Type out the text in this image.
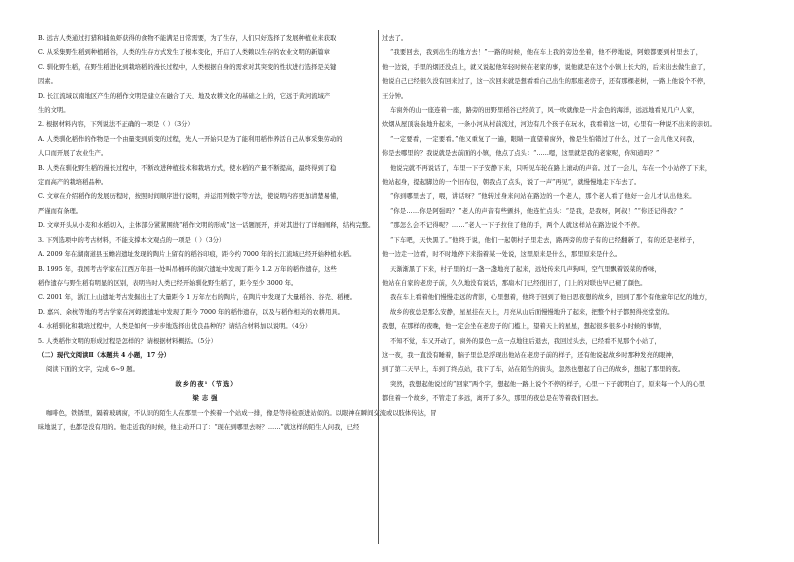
B. 远古人类通过打猎和捕鱼虾获得的食物不能满足日常需要，为了生存，人们只好选择了发展种植业来获取
C. 从采集野生稻到种植稻谷，人类的生存方式发生了根本变化，开启了人类赖以生存的农业文明的新篇章
C. 驯化野生稻，在野生稻进化到栽培稻的漫长过程中，人类根据自身的需求对其突变的性状进行选择是关键
因素。
D. 长江流域以南地区产生的稻作文明是建立在融合了天、地及农耕文化的基础之上的，它远于黄河流域产
生的文明。
2. 根据材料内容，下列说法不正确的一项是（ ）（3分）
A. 人类驯化稻作的作物是一个由量变到质变的过程，先人一开始只是为了能利用稻作养活自己从事采集劳动的
人口而开展了农业生产。
B. 人类在驯化野生稻的漫长过程中，不断改进种植技术和栽培方式，使水稻的产量不断提高，最终得到了稳
定而高产的栽培稻品种。
C. 文章在介绍稻作的发展历程时，按照时间顺序进行说明，并运用列数字等方法，使说明内容更加清楚易懂，
严谨而有条理。
D. 文章开头从小麦和水稻切入，主体部分紧紧围绕“稻作文明的形成”这一话题展开，并对其进行了详细阐释，结构完整。
3. 下列选项中的考古材料，不能支撑本文观点的一项是（ ）（3分）
A. 2009 年在湖南道县玉蟾岩遗址发现的陶片上留有的稻谷印痕，距今约 7000 年的长江流域已经开始种植水稻。
B. 1995 年，我国考古学家在江西万年县一处叫吊桶环的洞穴遗址中发现了距今 1.2 万年的稻作遗存，这些
稻作遗存与野生稻有明显的区别，表明当时人类已经开始驯化野生稻了，距今至少 3000 年。
C. 2001 年，浙江上山遗址考古发掘出土了大量距今 1 万年左右的陶片，在陶片中发现了大量稻谷、谷壳、稻梗。
D. 嘉兴、余杭等地的考古学家在河姆渡遗址中发现了距今 7000 年的稻作遗存，以及与稻作相关的农耕用具。
4. 水稻驯化和栽培过程中，人类是如何一步步地选择出优良品种的？请结合材料加以说明。（4分）
5. 人类稻作文明的形成过程是怎样的？请根据材料概括。（5分）
（二）现代文阅读Ⅱ（本题共 4 小题，17 分）
阅读下面的文字，完成 6~9 题。
故乡的夜¹（节选）
梁志强
咖啡色，铁锈里，隔着玻璃窗，不认识的陌生人在那里一个挨着一个站成一排，像是等待检票进站似的。以眼神在瞬间交流或以肢体传达，冒
昧地说了，也都是没有用的。他走近我的时候，他主动开口了：“现在到哪里去呀？……”就这样的陌生人问我，已经
过去了。
“我要回去，我到出生的地方去！”一路的时候，他在车上我的旁边坐着，他不停地说，阿娘都要到村里去了，
他一边说，手里的烟还没点上，就又说起他年轻时候在老家的事，说他就是在这个小镇上长大的，后来出去做生意了，
他说自己已经很久没有回来过了，这一次回来就是想看看自己出生的那座老房子，还有那棵老树，一路上他说个不停，
王分钟。
车窗外的山一座连着一座，路旁的田野里稻谷已经黄了，风一吹就像是一片金色的海洋，远远地看见几户人家，
炊烟从屋顶袅袅地升起来，一条小河从村前流过，河边有几个孩子在玩水，我看着这一切，心里有一种说不出来的亲切。
“一定要看，一定要看。”他又重复了一遍，眼睛一直望着窗外，像是生怕错过了什么，过了一会儿他又问我，
你是去哪里的？我说就是去前面的小镇，他点了点头：“……嗯，这里就是我的老家呢，你知道吗？”
他说完就不再说话了，车里一下子安静下来，只听见车轮在路上滚动的声音。过了一会儿，车在一个小站停了下来，
他站起身，提起脚边的一个旧布包，朝我点了点头，说了一声“再见”，就慢慢地走下车去了。
“你到哪里去了，喂，讲话呀？”他转过身来问站在路边的一个老人，那个老人看了他好一会儿才认出他来。
“你是……你是阿强吗？”老人的声音有些颤抖，他连忙点头：“是我，是我呀，阿叔！”“你还记得我？”
“那怎么会不记得呢？……”老人一下子拉住了他的手，两个人就这样站在路边说个不停。
“下车吧，天快黑了。”他终于说，他们一起朝村子里走去，路两旁的房子有的已经翻新了，有的还是老样子，
他一边走一边看，时不时地停下来指着某一处说，这里原来是什么，那里原来是什么。
天渐渐黑了下来，村子里的灯一盏一盏地亮了起来，远处传来几声狗叫，空气里飘着饭菜的香味，
他站在自家的老房子前，久久地没有说话，那扇木门已经很旧了，门上的对联也早已褪了颜色。
我在车上看着他们慢慢走远的背影，心里想着，他终于回到了他日思夜想的故乡，回到了那个有他童年记忆的地方，
故乡的夜总是那么安静，星星挂在天上，月亮从山后面慢慢地升了起来，把整个村子都照得亮堂堂的。
我想，在那样的夜晚，他一定会坐在老房子的门槛上，望着天上的星星，想起很多很多小时候的事情，
不知不觉，车又开动了，窗外的景色一点一点地往后退去，我回过头去，已经看不见那个小站了，
这一夜，我一直没有睡着，脑子里总是浮现出他站在老房子前的样子，还有他说起故乡时那种发亮的眼神，
到了第二天早上，车到了终点站，我下了车，站在陌生的街头，忽然也想起了自己的故乡，想起了那里的夜。
突然，我想起他说过的“回家”两个字，想起他一路上说个不停的样子，心里一下子就明白了，原来每一个人的心里
都住着一个故乡，不管走了多远，离开了多久，那里的夜总是在等着我们回去。
